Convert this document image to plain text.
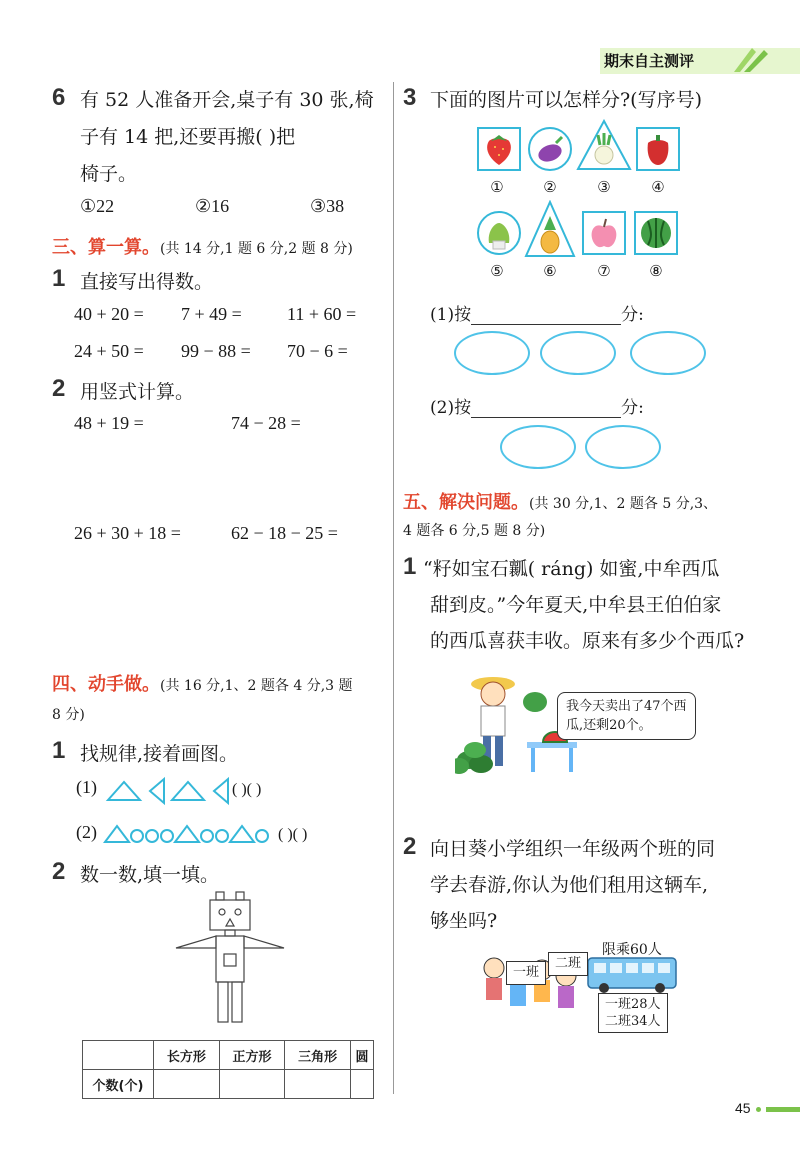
期末自主测评
6 有 52 人准备开会,桌子有 30 张,椅
子有 14 把,还要再搬( )把
椅子。
①22	②16	③38
三、算一算。(共 14 分,1 题 6 分,2 题 8 分)
1 直接写出得数。
40 + 20 = 7 + 49 =	11 + 60 =
24 + 50 = 99 − 88 = 70 − 6 =
2 用竖式计算。
48 + 19 =	74 − 28 =
26 + 30 + 18 =	62 − 18 − 25 =
四、动手做。(共 16 分,1、2 题各 4 分,3 题
8 分)
1 找规律,接着画图。
(1)	( )( )
(2)	( )( )
2 数一数,填一填。
	长方形	正方形	三角形	圆
个数(个)				
3 下面的图片可以怎样分?(写序号)
①	②	③	④
⑤	⑥	⑦	⑧
(1)按	分:
(2)按	分:
五、解决问题。(共 30 分,1、2 题各 5 分,3、
4 题各 6 分,5 题 8 分)
1 “籽如宝石瓤( ráng) 如蜜,中牟西瓜
甜到皮。”今年夏天,中牟县王伯伯家
的西瓜喜获丰收。原来有多少个西瓜?
我今天卖出了47个西
瓜,还剩20个。
2 向日葵小学组织一年级两个班的同
学去春游,你认为他们租用这辆车,
够坐吗?
限乘60人
一班
二班
一班28人
二班34人
45
